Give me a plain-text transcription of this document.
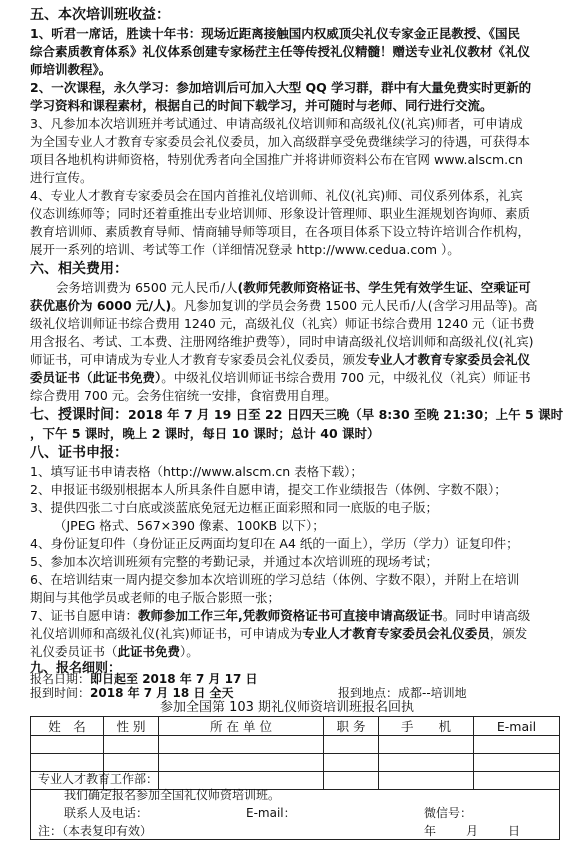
五、本次培训班收益：
1、听君一席话，胜读十年书：现场近距离接触国内权威顶尖礼仪专家金正昆教授、《国民
综合素质教育体系》礼仪体系创建专家杨茳主任等传授礼仪精髓！赠送专业礼仪教材《礼仪
师培训教程》。
2、一次课程，永久学习：参加培训后可加入大型 QQ 学习群，群中有大量免费实时更新的
学习资料和课程素材，根据自己的时间下载学习，并可随时与老师、同行进行交流。
3、凡参加本次培训班并考试通过、申请高级礼仪培训师和高级礼仪(礼宾)师者，可申请成
为全国专业人才教育专家委员会礼仪委员，加入高级群享受免费继续学习的待遇，可获得本
项目各地机构讲师资格，特别优秀者向全国推广并将讲师资料公布在官网 www.alscm.cn
进行宣传。
4、专业人才教育专家委员会在国内首推礼仪培训师、礼仪(礼宾)师、司仪系列体系，礼宾
仪态训练师等；同时还着重推出专业培训师、形象设计管理师、职业生涯规划咨询师、素质
教育培训师、素质教育导师、情商辅导师等项目，在各项目体系下设立特许培训合作机构，
展开一系列的培训、考试等工作（详细情况登录 http://www.cedua.com ）。
六、相关费用：
会务培训费为 6500 元人民币/人(教师凭教师资格证书、学生凭有效学生证、空乘证可
获优惠价为 6000 元/人)。凡参加复训的学员会务费 1500 元人民币/人(含学习用品等)。高
级礼仪培训师证书综合费用 1240 元，高级礼仪（礼宾）师证书综合费用 1240 元（证书费
用含报名、考试、工本费、注册网络维护费等），同时申请高级礼仪培训师和高级礼仪(礼宾)
师证书，可申请成为专业人才教育专家委员会礼仪委员，颁发专业人才教育专家委员会礼仪
委员证书（此证书免费）。中级礼仪培训师证书综合费用 700 元，中级礼仪（礼宾）师证书
综合费用 700 元。会务住宿统一安排，食宿费用自理。
七、授课时间：2018 年 7 月 19 日至 22 日四天三晚（早 8:30 至晚 21:30；上午 5 课时
，下午 5 课时，晚上 2 课时，每日 10 课时；总计 40 课时）
八、证书申报：
1、填写证书申请表格（http://www.alscm.cn 表格下载）；
2、申报证书级别根据本人所具条件自愿申请，提交工作业绩报告（体例、字数不限）；
3、提供四张二寸白底或淡蓝底免冠无边框正面彩照和同一底版的电子版；
（JPEG 格式、567×390 像素、100KB 以下）；
4、身份证复印件（身份证正反两面均复印在 A4 纸的一面上），学历（学力）证复印件；
5、参加本次培训班须有完整的考勤记录，并通过本次培训班的现场考试；
6、在培训结束一周内提交参加本次培训班的学习总结（体例、字数不限），并附上在培训
期间与其他学员或老师的电子版合影照一张；
7、证书自愿申请：教师参加工作三年,凭教师资格证书可直接申请高级证书。同时申请高级
礼仪培训师和高级礼仪(礼宾)师证书，可申请成为专业人才教育专家委员会礼仪委员，颁发
礼仪委员证书（此证书免费）。
九、报名细则：
报名日期：即日起至 2018 年 7 月 17 日
报到时间：2018 年 7 月 18 日 全天	报到地点：成都--培训地
参加全国第 103 期礼仪师资培训班报名回执
姓　名	性 别	所 在 单 位	职 务	手　　机	E-mail

专业人才教育工作部：
我们确定报名参加全国礼仪师资培训班。
联系人及电话：	E-mail：	微信号：
注：（本表复印有效）	年 月 日
